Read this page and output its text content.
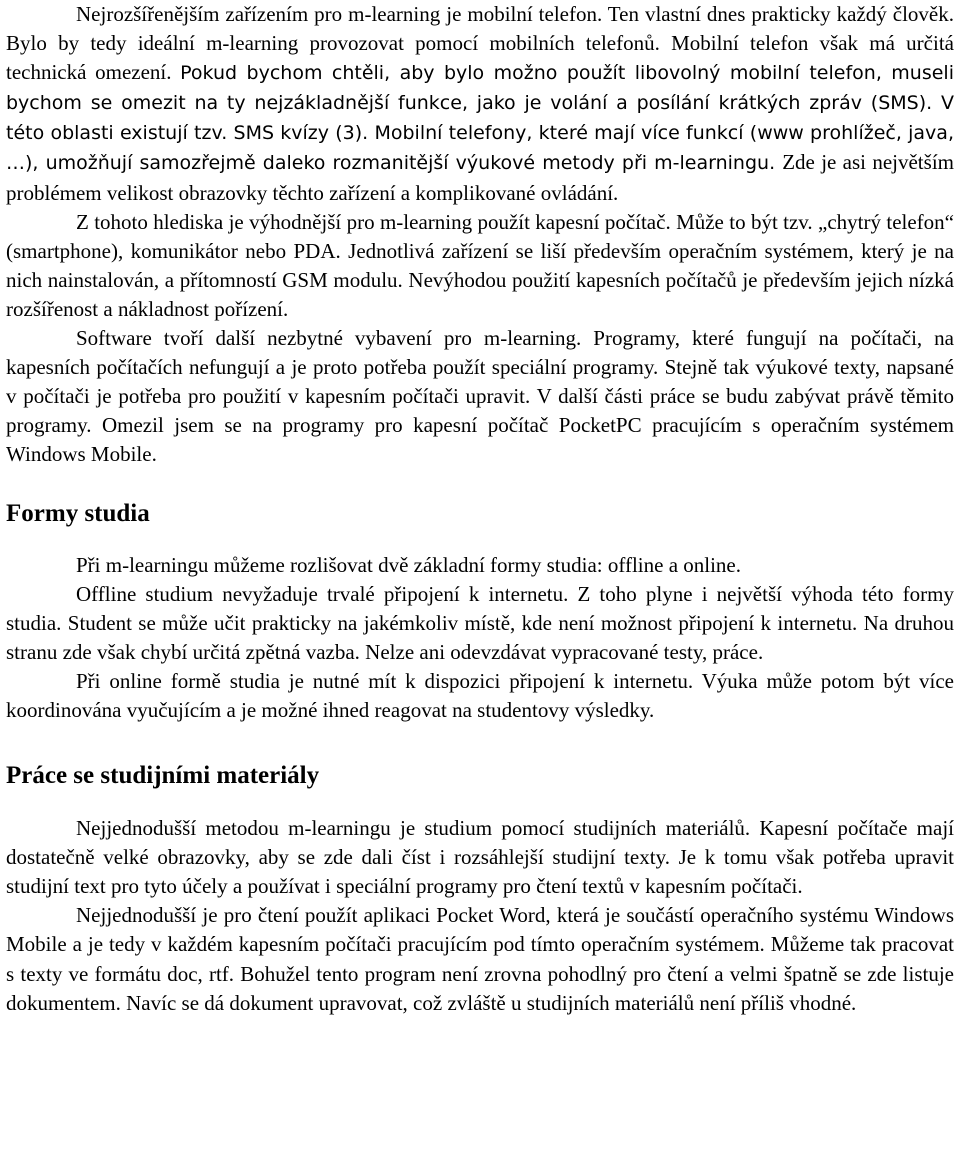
Nejrozšířenějším zařízením pro m-learning je mobilní telefon. Ten vlastní dnes prakticky každý člověk. Bylo by tedy ideální m-learning provozovat pomocí mobilních telefonů. Mobilní telefon však má určitá technická omezení. Pokud bychom chtěli, aby bylo možno použít libovolný mobilní telefon, museli bychom se omezit na ty nejzákladnější funkce, jako je volání a posílání krátkých zpráv (SMS). V této oblasti existují tzv. SMS kvízy (3). Mobilní telefony, které mají více funkcí (www prohlížeč, java, …), umožňují samozřejmě daleko rozmanitější výukové metody při m-learningu. Zde je asi největším problémem velikost obrazovky těchto zařízení a komplikované ovládání.

Z tohoto hlediska je výhodnější pro m-learning použít kapesní počítač. Může to být tzv. „chytrý telefon“ (smartphone), komunikátor nebo PDA. Jednotlivá zařízení se liší především operačním systémem, který je na nich nainstalován, a přítomností GSM modulu. Nevýhodou použití kapesních počítačů je především jejich nízká rozšířenost a nákladnost pořízení.

Software tvoří další nezbytné vybavení pro m-learning. Programy, které fungují na počítači, na kapesních počítačích nefungují a je proto potřeba použít speciální programy. Stejně tak výukové texty, napsané v počítači je potřeba pro použití v kapesním počítači upravit. V další části práce se budu zabývat právě těmito programy. Omezil jsem se na programy pro kapesní počítač PocketPC pracujícím s operačním systémem Windows Mobile.

Formy studia

Při m-learningu můžeme rozlišovat dvě základní formy studia: offline a online.

Offline studium nevyžaduje trvalé připojení k internetu. Z toho plyne i největší výhoda této formy studia. Student se může učit prakticky na jakémkoliv místě, kde není možnost připojení k internetu. Na druhou stranu zde však chybí určitá zpětná vazba. Nelze ani odevzdávat vypracované testy, práce.

Při online formě studia je nutné mít k dispozici připojení k internetu. Výuka může potom být více koordinována vyučujícím a je možné ihned reagovat na studentovy výsledky.

Práce se studijními materiály

Nejjednodušší metodou m-learningu je studium pomocí studijních materiálů. Kapesní počítače mají dostatečně velké obrazovky, aby se zde dali číst i rozsáhlejší studijní texty. Je k tomu však potřeba upravit studijní text pro tyto účely a používat i speciální programy pro čtení textů v kapesním počítači.

Nejjednodušší je pro čtení použít aplikaci Pocket Word, která je součástí operačního systému Windows Mobile a je tedy v každém kapesním počítači pracujícím pod tímto operačním systémem. Můžeme tak pracovat s texty ve formátu doc, rtf. Bohužel tento program není zrovna pohodlný pro čtení a velmi špatně se zde listuje dokumentem. Navíc se dá dokument upravovat, což zvláště u studijních materiálů není příliš vhodné.
